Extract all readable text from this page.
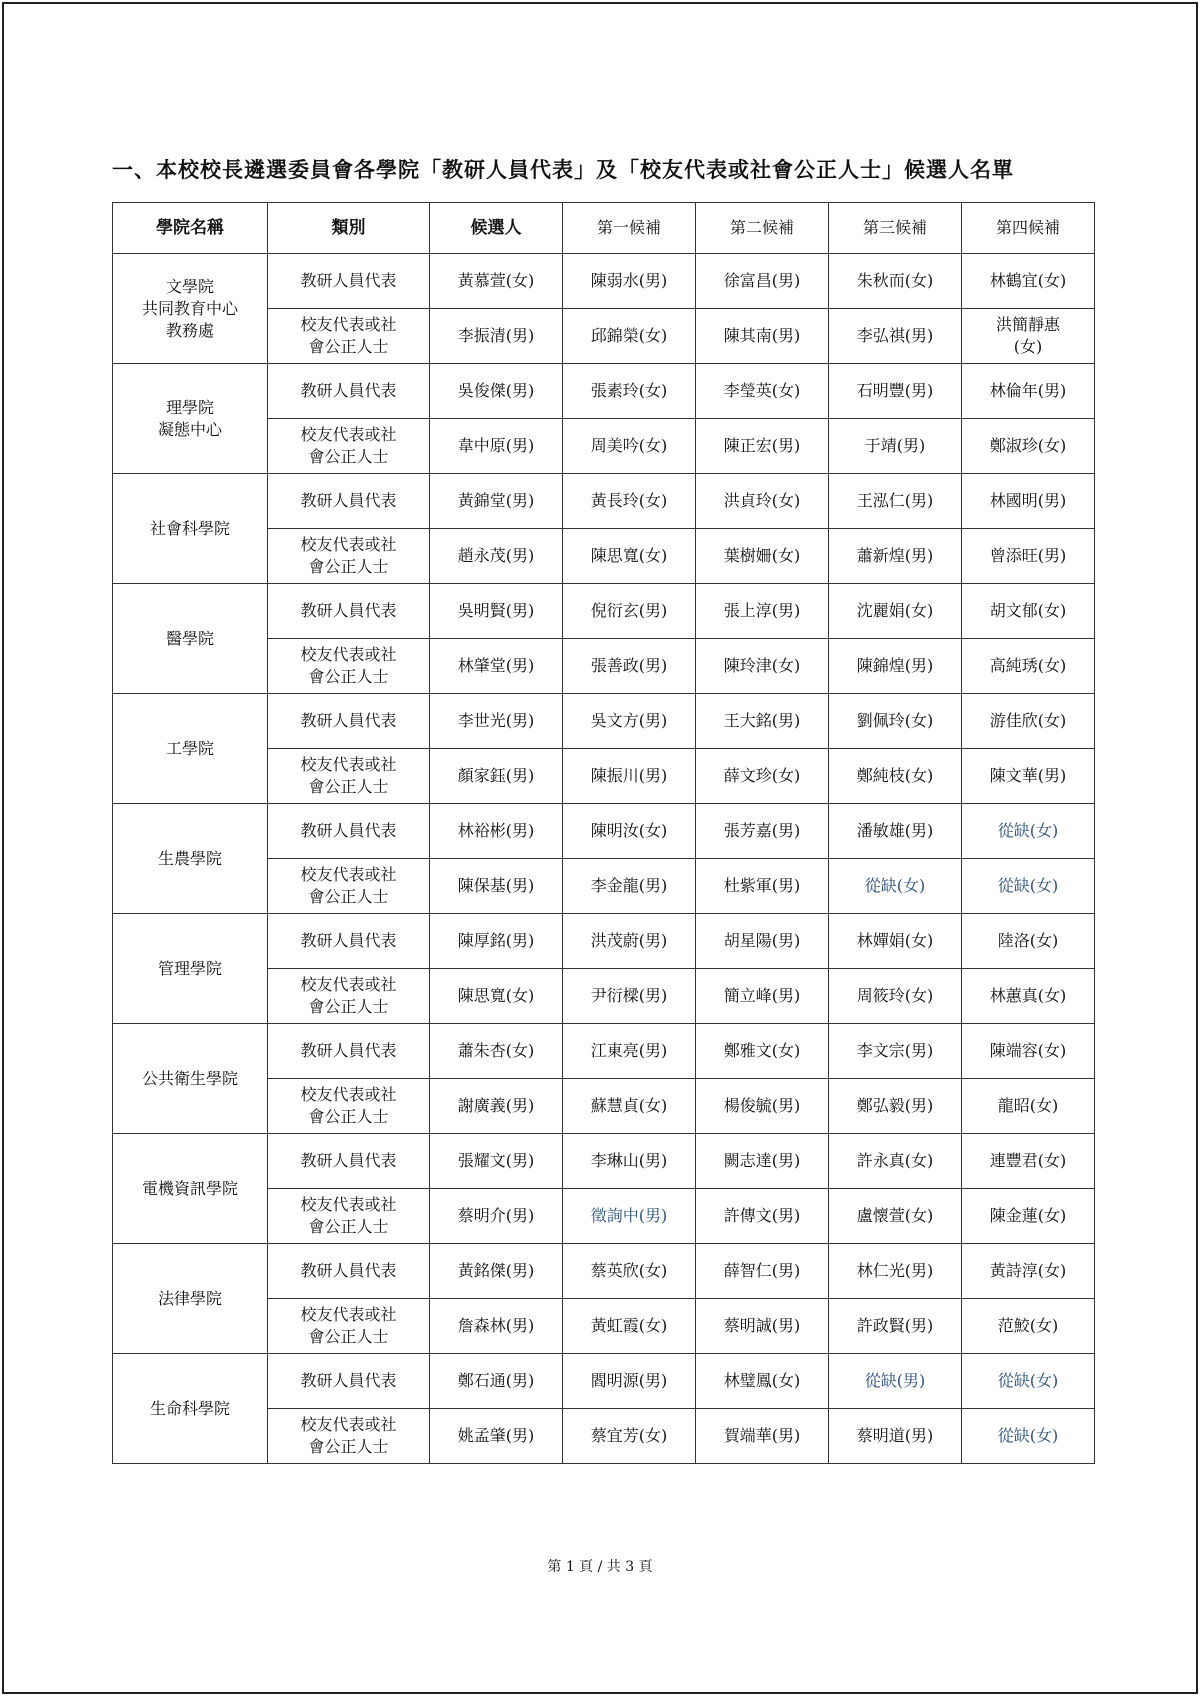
一、本校校長遴選委員會各學院「教研人員代表」及「校友代表或社會公正人士」候選人名單
學院名稱	類別	候選人	第一候補	第二候補	第三候補	第四候補
文學院
共同教育中心
教務處	教研人員代表	黃慕萱(女)	陳弱水(男)	徐富昌(男)	朱秋而(女)	林鶴宜(女)
	校友代表或社
會公正人士	李振清(男)	邱錦榮(女)	陳其南(男)	李弘祺(男)	洪簡靜惠
(女)
理學院
凝態中心	教研人員代表	吳俊傑(男)	張素玲(女)	李瑩英(女)	石明豐(男)	林倫年(男)
	校友代表或社
會公正人士	韋中原(男)	周美吟(女)	陳正宏(男)	于靖(男)	鄭淑珍(女)
社會科學院	教研人員代表	黃錦堂(男)	黃長玲(女)	洪貞玲(女)	王泓仁(男)	林國明(男)
	校友代表或社
會公正人士	趙永茂(男)	陳思寬(女)	葉樹姍(女)	蕭新煌(男)	曾添旺(男)
醫學院	教研人員代表	吳明賢(男)	倪衍玄(男)	張上淳(男)	沈麗娟(女)	胡文郁(女)
	校友代表或社
會公正人士	林肇堂(男)	張善政(男)	陳玲津(女)	陳錦煌(男)	高純琇(女)
工學院	教研人員代表	李世光(男)	吳文方(男)	王大銘(男)	劉佩玲(女)	游佳欣(女)
	校友代表或社
會公正人士	顏家鈺(男)	陳振川(男)	薛文珍(女)	鄭純枝(女)	陳文華(男)
生農學院	教研人員代表	林裕彬(男)	陳明汝(女)	張芳嘉(男)	潘敏雄(男)	從缺(女)
	校友代表或社
會公正人士	陳保基(男)	李金龍(男)	杜紫軍(男)	從缺(女)	從缺(女)
管理學院	教研人員代表	陳厚銘(男)	洪茂蔚(男)	胡星陽(男)	林嬋娟(女)	陸洛(女)
	校友代表或社
會公正人士	陳思寬(女)	尹衍樑(男)	簡立峰(男)	周筱玲(女)	林蕙真(女)
公共衛生學院	教研人員代表	蕭朱杏(女)	江東亮(男)	鄭雅文(女)	李文宗(男)	陳端容(女)
	校友代表或社
會公正人士	謝廣義(男)	蘇慧貞(女)	楊俊毓(男)	鄭弘毅(男)	龍昭(女)
電機資訊學院	教研人員代表	張耀文(男)	李琳山(男)	闕志達(男)	許永真(女)	連豐君(女)
	校友代表或社
會公正人士	蔡明介(男)	徵詢中(男)	許傳文(男)	盧懷萱(女)	陳金蓮(女)
法律學院	教研人員代表	黃銘傑(男)	蔡英欣(女)	薛智仁(男)	林仁光(男)	黃詩淳(女)
	校友代表或社
會公正人士	詹森林(男)	黃虹霞(女)	蔡明誠(男)	許政賢(男)	范鮫(女)
生命科學院	教研人員代表	鄭石通(男)	閻明源(男)	林璧鳳(女)	從缺(男)	從缺(女)
	校友代表或社
會公正人士	姚孟肇(男)	蔡宜芳(女)	賀端華(男)	蔡明道(男)	從缺(女)
第 1 頁 / 共 3 頁
